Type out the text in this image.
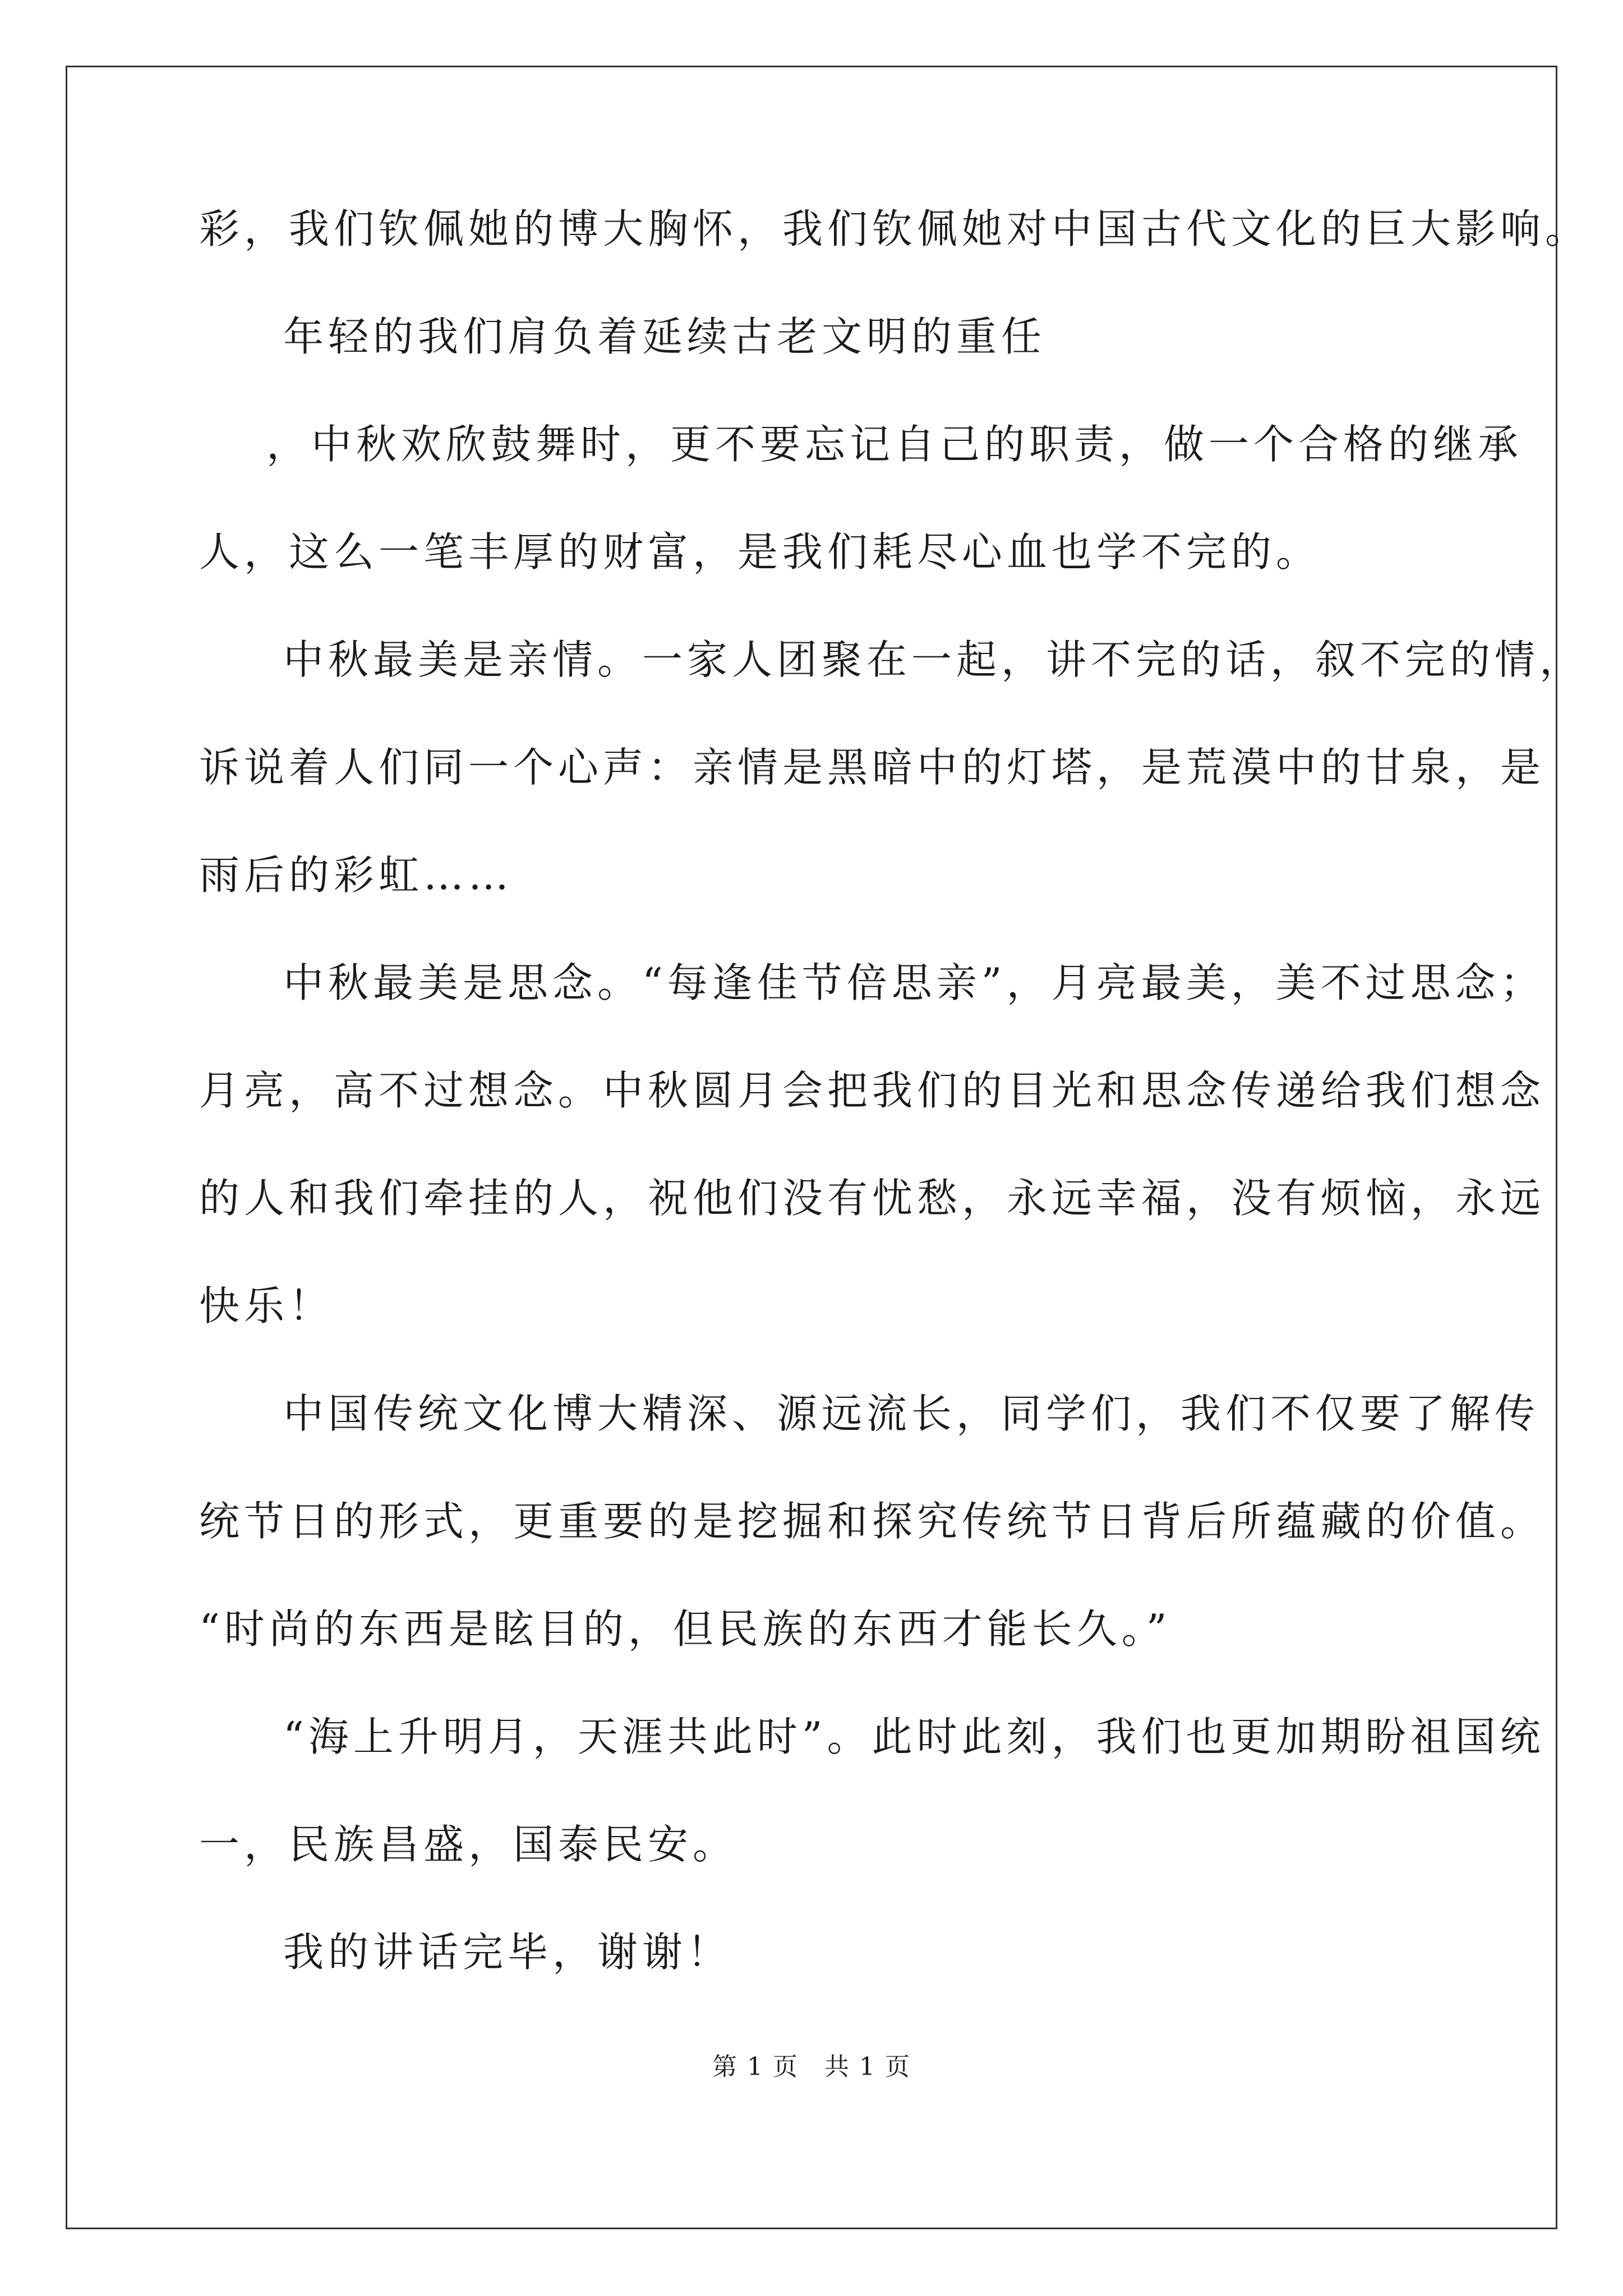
彩，我们钦佩她的博大胸怀，我们钦佩她对中国古代文化的巨大影响。
年轻的我们肩负着延续古老文明的重任
，中秋欢欣鼓舞时，更不要忘记自己的职责，做一个合格的继承
人，这么一笔丰厚的财富，是我们耗尽心血也学不完的。
中秋最美是亲情。一家人团聚在一起，讲不完的话，叙不完的情，
诉说着人们同一个心声：亲情是黑暗中的灯塔，是荒漠中的甘泉，是
雨后的彩虹……
中秋最美是思念。“每逢佳节倍思亲”，月亮最美，美不过思念；
月亮，高不过想念。中秋圆月会把我们的目光和思念传递给我们想念
的人和我们牵挂的人，祝他们没有忧愁，永远幸福，没有烦恼，永远
快乐！
中国传统文化博大精深、源远流长，同学们，我们不仅要了解传
统节日的形式，更重要的是挖掘和探究传统节日背后所蕴藏的价值。
“时尚的东西是眩目的，但民族的东西才能长久。”
“海上升明月，天涯共此时”。此时此刻，我们也更加期盼祖国统
一，民族昌盛，国泰民安。
我的讲话完毕，谢谢！
第 1 页　共 1 页
